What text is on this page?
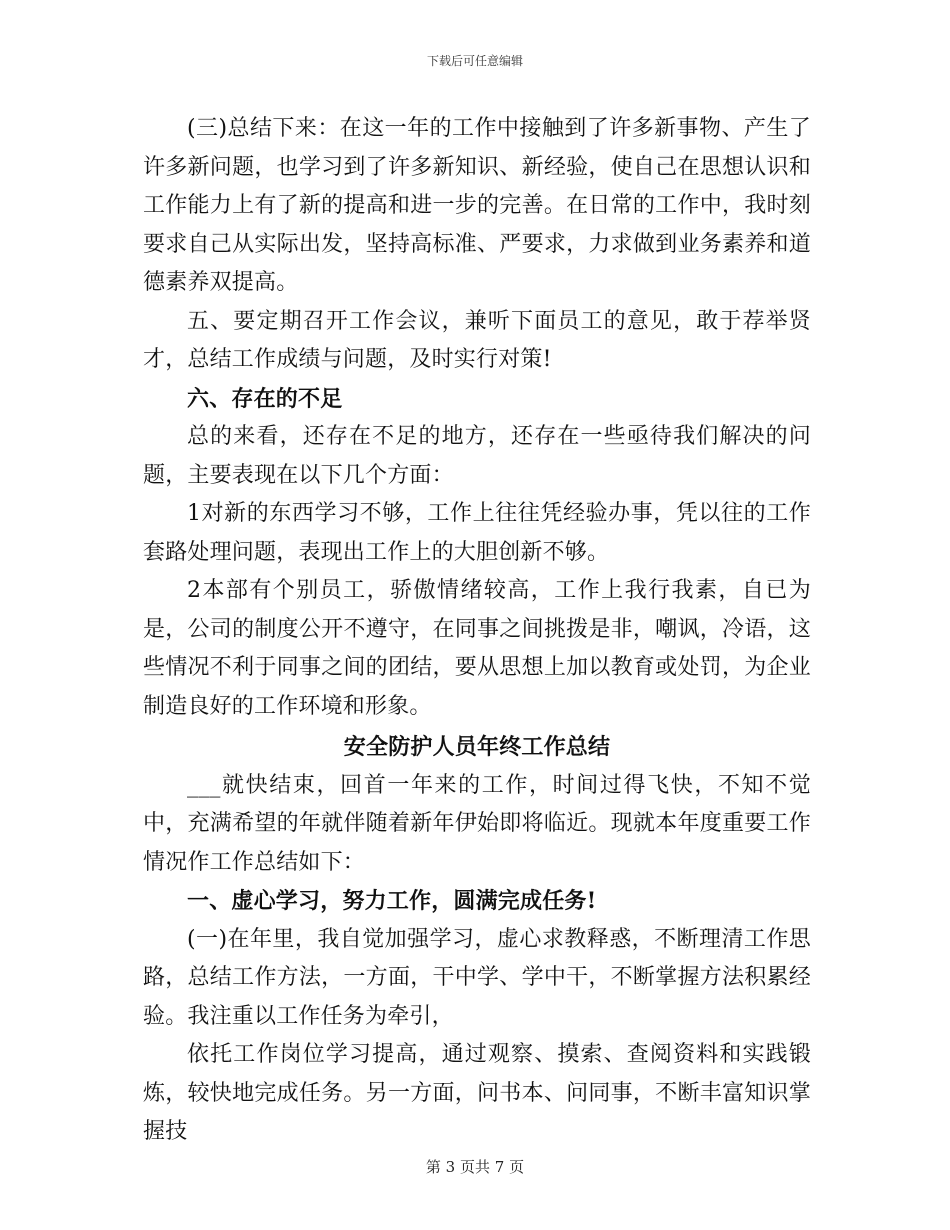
下载后可任意编辑

(三)总结下来：在这一年的工作中接触到了许多新事物、产生了许多新问题，也学习到了许多新知识、新经验，使自己在思想认识和工作能力上有了新的提高和进一步的完善。在日常的工作中，我时刻要求自己从实际出发，坚持高标准、严要求，力求做到业务素养和道德素养双提高。

五、要定期召开工作会议，兼听下面员工的意见，敢于荐举贤才，总结工作成绩与问题，及时实行对策!

六、存在的不足

总的来看，还存在不足的地方，还存在一些亟待我们解决的问题，主要表现在以下几个方面：

1对新的东西学习不够，工作上往往凭经验办事，凭以往的工作套路处理问题，表现出工作上的大胆创新不够。

2本部有个别员工，骄傲情绪较高，工作上我行我素，自已为是，公司的制度公开不遵守，在同事之间挑拨是非，嘲讽，冷语，这些情况不利于同事之间的团结，要从思想上加以教育或处罚，为企业制造良好的工作环境和形象。

安全防护人员年终工作总结

___就快结束，回首一年来的工作，时间过得飞快，不知不觉中，充满希望的年就伴随着新年伊始即将临近。现就本年度重要工作情况作工作总结如下：

一、虚心学习，努力工作，圆满完成任务!

(一)在年里，我自觉加强学习，虚心求教释惑，不断理清工作思路，总结工作方法，一方面，干中学、学中干，不断掌握方法积累经验。我注重以工作任务为牵引，

依托工作岗位学习提高，通过观察、摸索、查阅资料和实践锻炼，较快地完成任务。另一方面，问书本、问同事，不断丰富知识掌握技

第 3 页共 7 页
